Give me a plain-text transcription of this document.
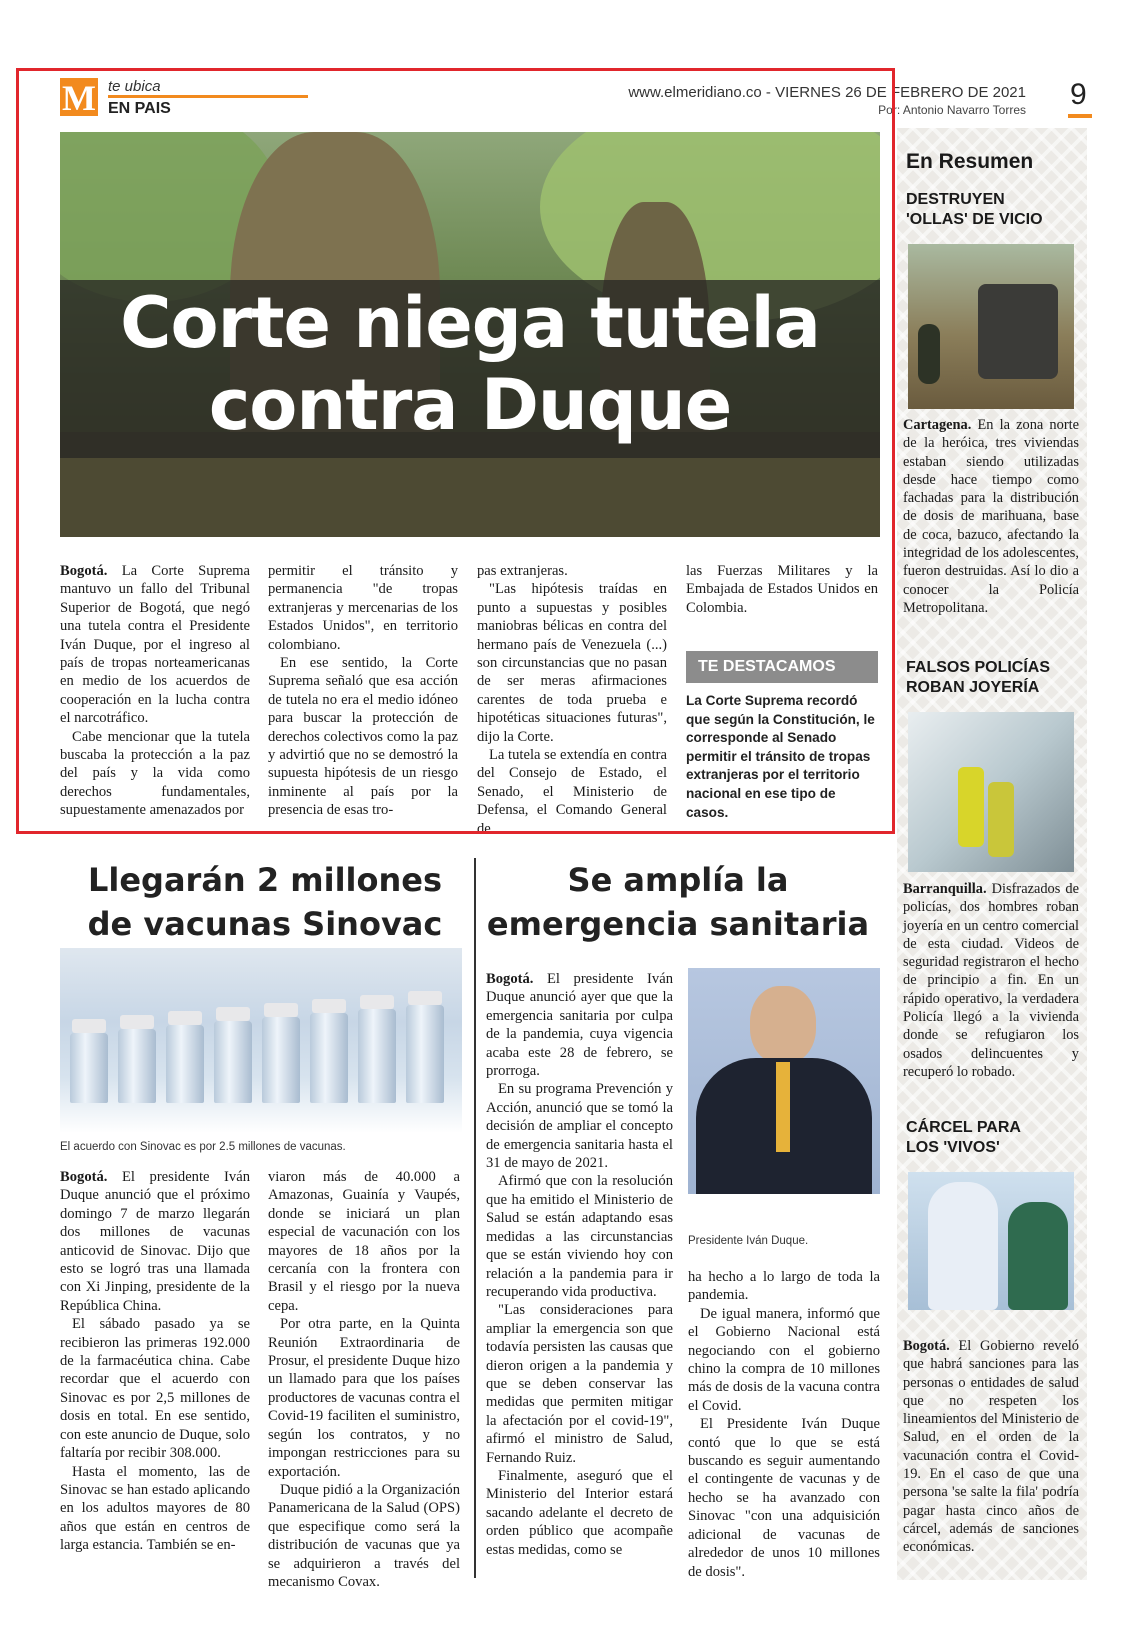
M te ubica
EN PAIS
www.elmeridiano.co - VIERNES 26 DE FEBRERO DE 2021
Por: Antonio Navarro Torres 9
Corte niega tutela
contra Duque

Bogotá. La Corte Suprema mantuvo un fallo del Tribunal Superior de Bogotá, que negó una tutela contra el Presidente Iván Duque, por el ingreso al país de tropas norteamericanas en medio de los acuerdos de cooperación en la lucha contra el narcotráfico.

Cabe mencionar que la tutela buscaba la protección a la paz del país y la vida como derechos fundamentales, supuestamente amenazados por

permitir el tránsito y permanencia "de tropas extranjeras y mercenarias de los Estados Unidos", en territorio colombiano.

En ese sentido, la Corte Suprema señaló que esa acción de tutela no era el medio idóneo para buscar la protección de derechos colectivos como la paz y advirtió que no se demostró la supuesta hipótesis de un riesgo inminente al país por la presencia de esas tro-

pas extranjeras.

"Las hipótesis traídas en punto a supuestas y posibles maniobras bélicas en contra del hermano país de Venezuela (...) son circunstancias que no pasan de ser meras afirmaciones carentes de toda prueba e hipotéticas situaciones futuras", dijo la Corte.

La tutela se extendía en contra del Consejo de Estado, el Senado, el Ministerio de Defensa, el Comando General de

las Fuerzas Militares y la Embajada de Estados Unidos en Colombia.

TE DESTACAMOS
La Corte Suprema recordó que según la Constitución, le corresponde al Senado permitir el tránsito de tropas extranjeras por el territorio nacional en ese tipo de casos.
En Resumen
DESTRUYEN
'OLLAS' DE VICIO
Cartagena. En la zona norte de la heróica, tres viviendas estaban siendo utilizadas desde hace tiempo como fachadas para la distribución de dosis de marihuana, base de coca, bazuco, afectando la integridad de los adolescentes, fueron destruidas. Así lo dio a conocer la Policía Metropolitana.
FALSOS POLICÍAS
ROBAN JOYERÍA
Barranquilla. Disfrazados de policías, dos hombres roban joyería en un centro comercial de esta ciudad. Videos de seguridad registraron el hecho de principio a fin. En un rápido operativo, la verdadera Policía llegó a la vivienda donde se refugiaron los osados delincuentes y recuperó lo robado.
CÁRCEL PARA
LOS 'VIVOS'
Bogotá. El Gobierno reveló que habrá sanciones para las personas o entidades de salud que no respeten los lineamientos del Ministerio de Salud, en el orden de la vacunación contra el Covid-19. En el caso de que una persona 'se salte la fila' podría pagar hasta cinco años de cárcel, además de sanciones económicas.
Llegarán 2 millones
de vacunas Sinovac
El acuerdo con Sinovac es por 2.5 millones de vacunas.

Bogotá. El presidente Iván Duque anunció que el próximo domingo 7 de marzo llegarán dos millones de vacunas anticovid de Sinovac. Dijo que esto se logró tras una llamada con Xi Jinping, presidente de la República China.

El sábado pasado ya se recibieron las primeras 192.000 de la farmacéutica china. Cabe recordar que el acuerdo con Sinovac es por 2,5 millones de dosis en total. En ese sentido, con este anuncio de Duque, solo faltaría por recibir 308.000.

Hasta el momento, las de Sinovac se han estado aplicando en los adultos mayores de 80 años que están en centros de larga estancia. También se en-

viaron más de 40.000 a Amazonas, Guainía y Vaupés, donde se iniciará un plan especial de vacunación con los mayores de 18 años por la cercanía con la frontera con Brasil y el riesgo por la nueva cepa.

Por otra parte, en la Quinta Reunión Extraordinaria de Prosur, el presidente Duque hizo un llamado para que los países productores de vacunas contra el Covid-19 faciliten el suministro, según los contratos, y no impongan restricciones para su exportación.

Duque pidió a la Organización Panamericana de la Salud (OPS) que especifique como será la distribución de vacunas que ya se adquirieron a través del mecanismo Covax.

Se amplía la
emergencia sanitaria

Bogotá. El presidente Iván Duque anunció ayer que que la emergencia sanitaria por culpa de la pandemia, cuya vigencia acaba este 28 de febrero, se prorroga.

En su programa Prevención y Acción, anunció que se tomó la decisión de ampliar el concepto de emergencia sanitaria hasta el 31 de mayo de 2021.

Afirmó que con la resolución que ha emitido el Ministerio de Salud se están adaptando esas medidas a las circunstancias que se están viviendo hoy con relación a la pandemia para ir recuperando vida productiva.

"Las consideraciones para ampliar la emergencia son que todavía persisten las causas que dieron origen a la pandemia y que se deben conservar las medidas que permiten mitigar la afectación por el covid-19", afirmó el ministro de Salud, Fernando Ruiz.

Finalmente, aseguró que el Ministerio del Interior estará sacando adelante el decreto de orden público que acompañe estas medidas, como se

Presidente Iván Duque.

ha hecho a lo largo de toda la pandemia.

De igual manera, informó que el Gobierno Nacional está negociando con el gobierno chino la compra de 10 millones más de dosis de la vacuna contra el Covid.

El Presidente Iván Duque contó que lo que se está buscando es seguir aumentando el contingente de vacunas y de hecho se ha avanzado con Sinovac "con una adquisición adicional de vacunas de alrededor de unos 10 millones de dosis".
